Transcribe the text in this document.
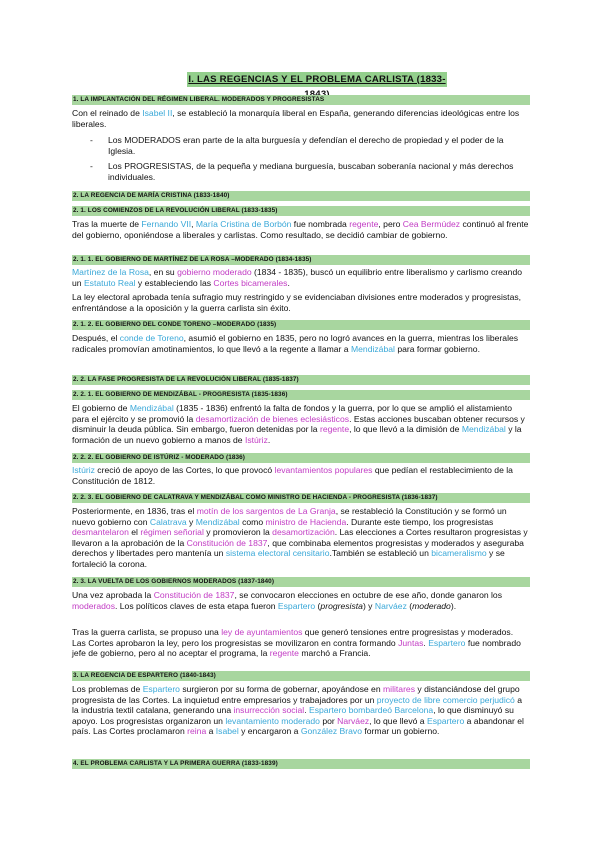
I. LAS REGENCIAS Y EL PROBLEMA CARLISTA (1833-
1. LA IMPLANTACIÓN DEL RÉGIMEN LIBERAL. MODERADOS Y PROGRESISTAS

Con el reinado de Isabel II, se estableció la monarquía liberal en España, generando diferencias ideológicas entre los liberales.

-	Los MODERADOS eran parte de la alta burguesía y defendían el derecho de propiedad y el poder de la Iglesia.

-	Los PROGRESISTAS, de la pequeña y mediana burguesía, buscaban soberanía nacional y más derechos individuales.

2. LA REGENCIA DE MARÍA CRISTINA (1833-1840)
2. 1. LOS COMIENZOS DE LA REVOLUCIÓN LIBERAL (1833-1835)

Tras la muerte de Fernando VII, María Cristina de Borbón fue nombrada regente, pero Cea Bermúdez continuó al frente del gobierno, oponiéndose a liberales y carlistas. Como resultado, se decidió cambiar de gobierno.

2. 1. 1. EL GOBIERNO DE MARTÍNEZ DE LA ROSA –MODERADO (1834-1835)

Martínez de la Rosa, en su gobierno moderado (1834 - 1835), buscó un equilibrio entre liberalismo y carlismo creando un Estatuto Real y estableciendo las Cortes bicamerales.

La ley electoral aprobada tenía sufragio muy restringido y se evidenciaban divisiones entre moderados y progresistas, enfrentándose a la oposición y la guerra carlista sin éxito.

2. 1. 2. EL GOBIERNO DEL CONDE TORENO –MODERADO (1835)

Después, el conde de Toreno, asumió el gobierno en 1835, pero no logró avances en la guerra, mientras los liberales radicales promovían amotinamientos, lo que llevó a la regente a llamar a Mendizábal para formar gobierno.

2. 2. LA FASE PROGRESISTA DE LA REVOLUCIÓN LIBERAL (1835-1837)
2. 2. 1. EL GOBIERNO DE MENDIZÁBAL - PROGRESISTA (1835-1836)

El gobierno de Mendizábal (1835 - 1836) enfrentó la falta de fondos y la guerra, por lo que se amplió el alistamiento para el ejército y se promovió la desamortización de bienes eclesiásticos. Estas acciones buscaban obtener recursos y disminuir la deuda pública. Sin embargo, fueron detenidas por la regente, lo que llevó a la dimisión de Mendizábal y la formación de un nuevo gobierno a manos de Istúriz.

2. 2. 2. EL GOBIERNO DE ISTÚRIZ - MODERADO (1836)

Istúriz creció de apoyo de las Cortes, lo que provocó levantamientos populares que pedían el restablecimiento de la Constitución de 1812.

2. 2. 3. EL GOBIERNO DE CALATRAVA Y MENDIZÁBAL COMO MINISTRO DE HACIENDA - PROGRESISTA (1836-1837)

Posteriormente, en 1836, tras el motín de los sargentos de La Granja, se restableció la Constitución y se formó un nuevo gobierno con Calatrava y Mendizábal como ministro de Hacienda. Durante este tiempo, los progresistas desmantelaron el régimen señorial y promovieron la desamortización. Las elecciones a Cortes resultaron progresistas y llevaron a la aprobación de la Constitución de 1837, que combinaba elementos progresistas y moderados y aseguraba derechos y libertades pero mantenía un sistema electoral censitario.También se estableció un bicameralismo y se fortaleció la corona.

2. 3. LA VUELTA DE LOS GOBIERNOS MODERADOS (1837-1840)

Una vez aprobada la Constitución de 1837, se convocaron elecciones en octubre de ese año, donde ganaron los moderados. Los políticos claves de esta etapa fueron Espartero (progresista) y Narváez (moderado).

Tras la guerra carlista, se propuso una ley de ayuntamientos que generó tensiones entre progresistas y moderados. Las Cortes aprobaron la ley, pero los progresistas se movilizaron en contra formando Juntas. Espartero fue nombrado jefe de gobierno, pero al no aceptar el programa, la regente marchó a Francia.

3. LA REGENCIA DE ESPARTERO (1840-1843)

Los problemas de Espartero surgieron por su forma de gobernar, apoyándose en militares y distanciándose del grupo progresista de las Cortes. La inquietud entre empresarios y trabajadores por un proyecto de libre comercio perjudicó a la industria textil catalana, generando una insurrección social. Espartero bombardeó Barcelona, lo que disminuyó su apoyo. Los progresistas organizaron un levantamiento moderado por Narváez, lo que llevó a Espartero a abandonar el país. Las Cortes proclamaron reina a Isabel y encargaron a González Bravo formar un gobierno.

4. EL PROBLEMA CARLISTA Y LA PRIMERA GUERRA (1833-1839)
